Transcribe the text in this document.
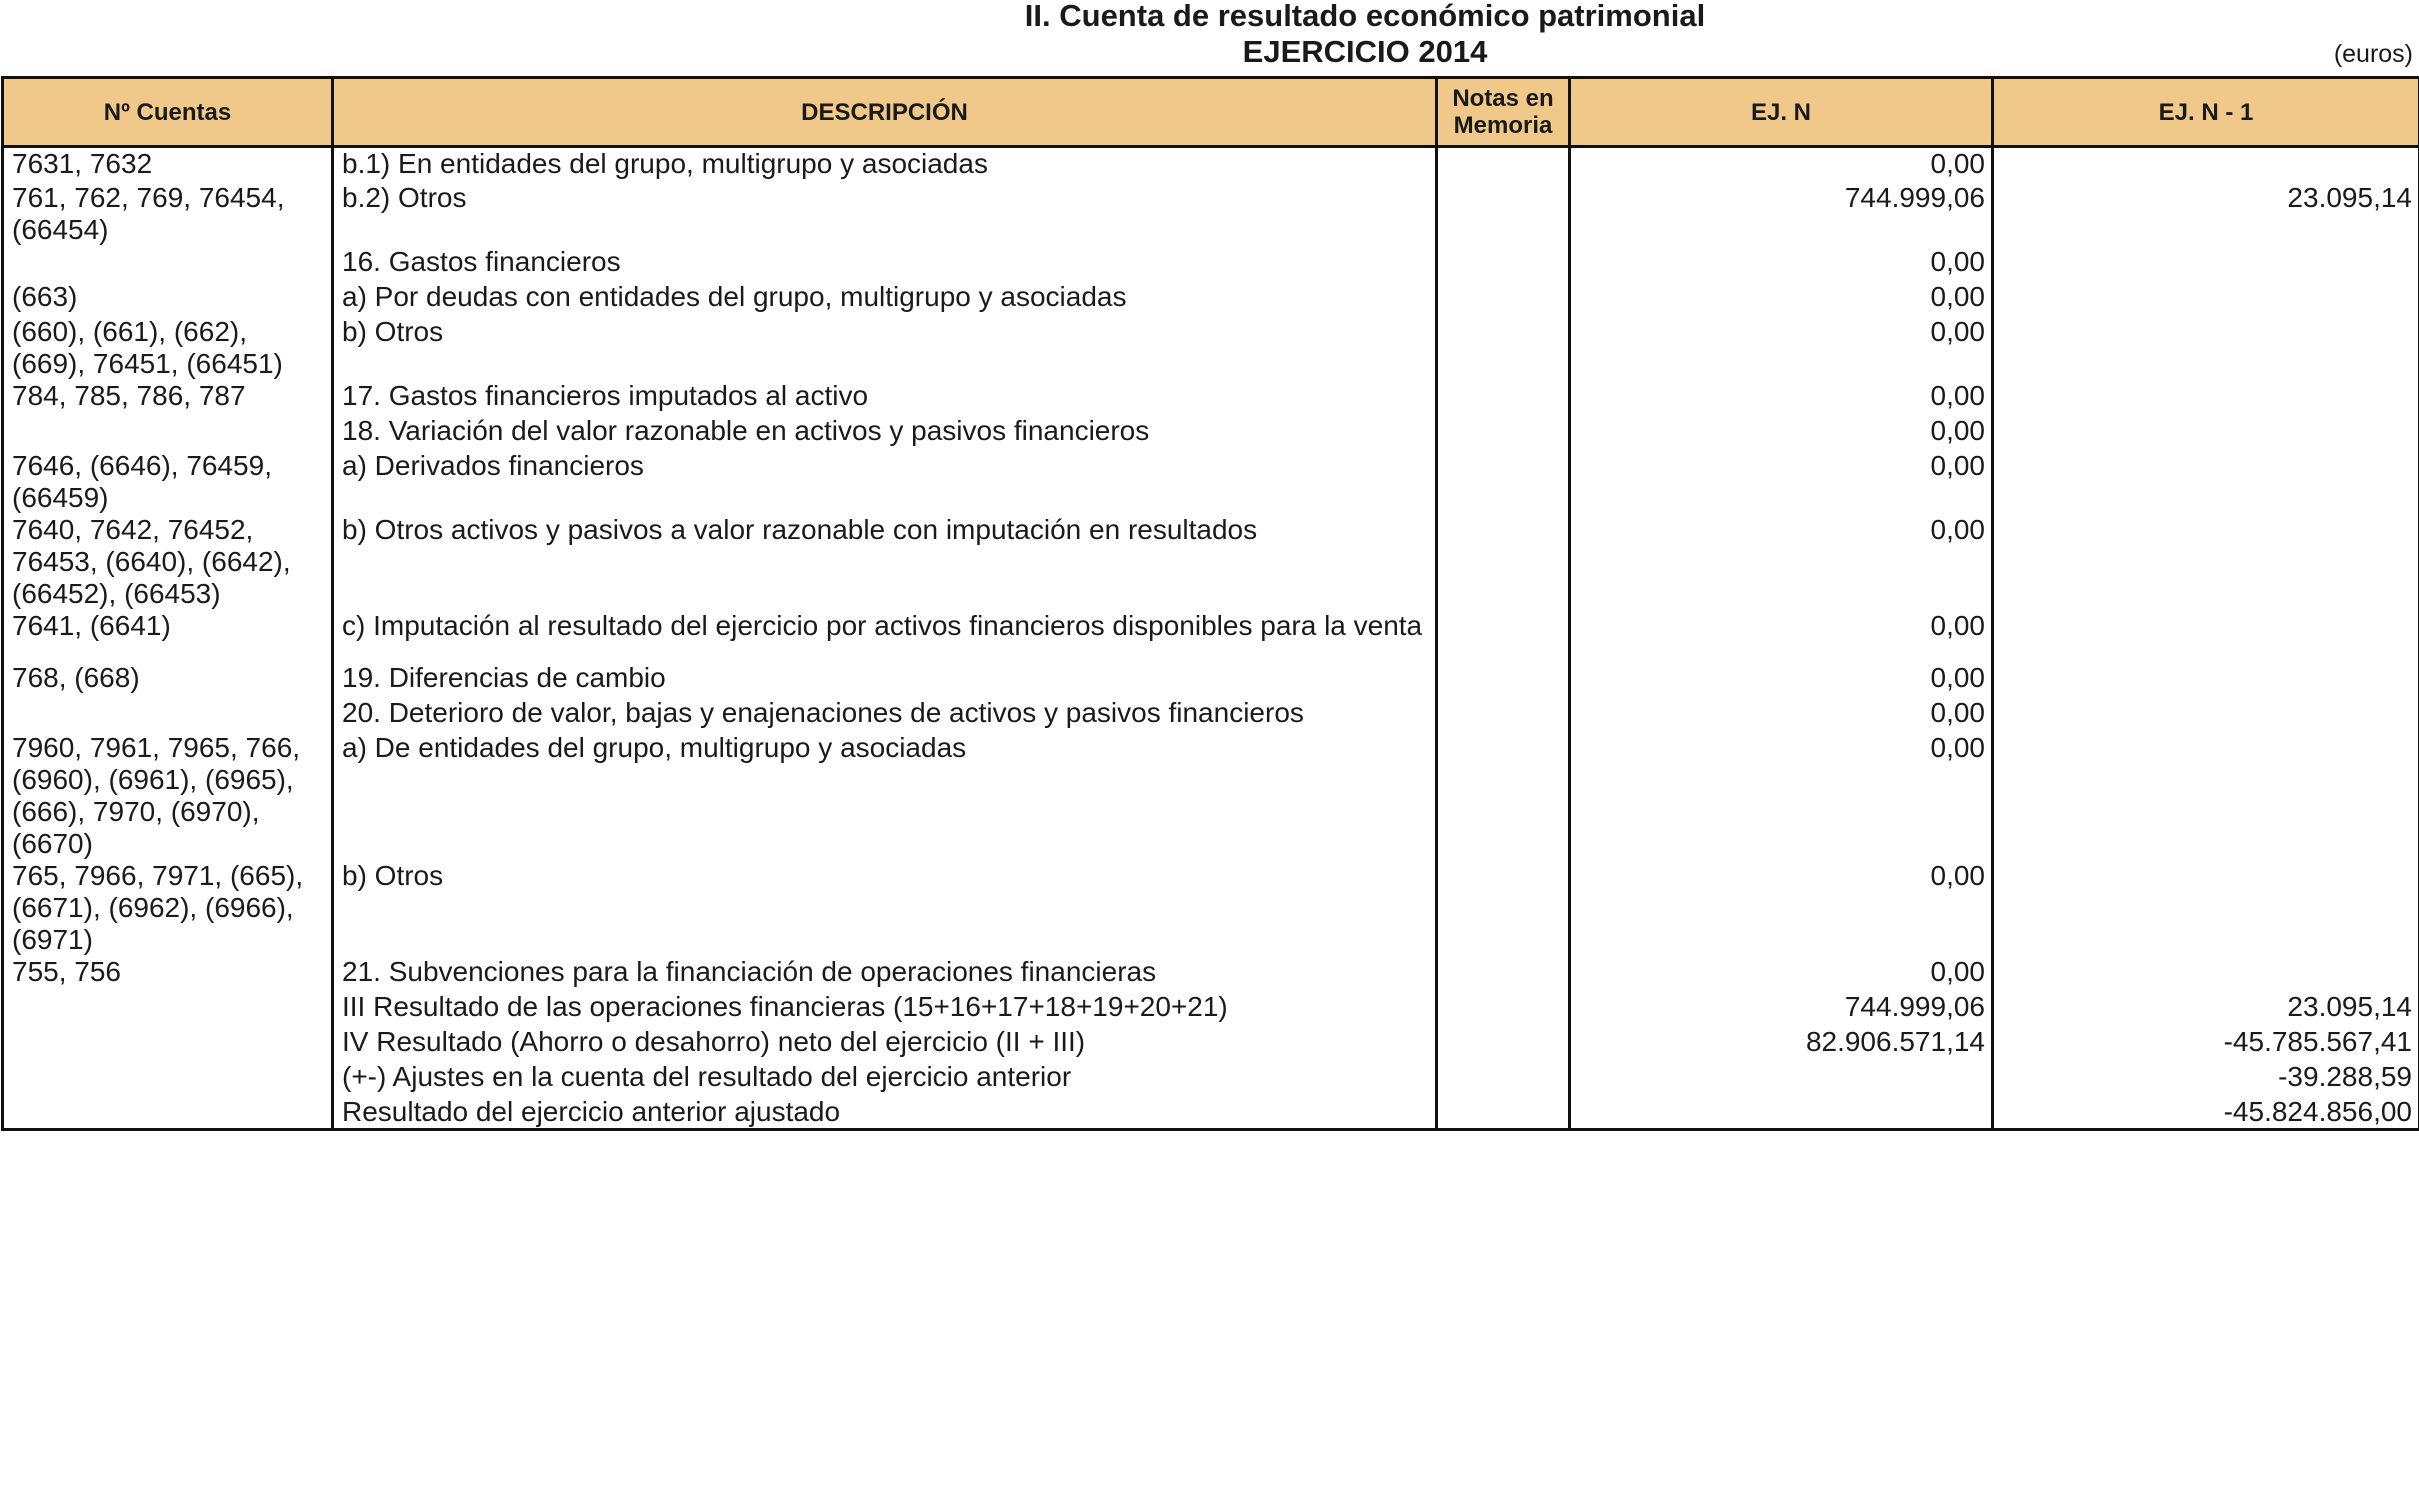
II. Cuenta de resultado económico patrimonial
EJERCICIO 2014	(euros)
Nº Cuentas	DESCRIPCIÓN	Notas en Memoria	EJ. N	EJ. N - 1
7631, 7632	b.1) En entidades del grupo, multigrupo y asociadas		0,00	
761, 762, 769, 76454, (66454)	b.2) Otros		744.999,06	23.095,14
	16. Gastos financieros		0,00	
(663)	a) Por deudas con entidades del grupo, multigrupo y asociadas		0,00	
(660), (661), (662), (669), 76451, (66451)	b) Otros		0,00	
784, 785, 786, 787	17. Gastos financieros imputados al activo		0,00	
	18. Variación del valor razonable en activos y pasivos financieros		0,00	
7646, (6646), 76459, (66459)	a) Derivados financieros		0,00	
7640, 7642, 76452, 76453, (6640), (6642), (66452), (66453)	b) Otros activos y pasivos a valor razonable con imputación en resultados		0,00	
7641, (6641)	c) Imputación al resultado del ejercicio por activos financieros disponibles para la venta		0,00	
768, (668)	19. Diferencias de cambio		0,00	
	20. Deterioro de valor, bajas y enajenaciones de activos y pasivos financieros		0,00	
7960, 7961, 7965, 766, (6960), (6961), (6965), (666), 7970, (6970), (6670)	a) De entidades del grupo, multigrupo y asociadas		0,00	
765, 7966, 7971, (665), (6671), (6962), (6966), (6971)	b) Otros		0,00	
755, 756	21. Subvenciones para la financiación de operaciones financieras		0,00	
	III Resultado de las operaciones financieras (15+16+17+18+19+20+21)		744.999,06	23.095,14
	IV Resultado (Ahorro o desahorro) neto del ejercicio (II + III)		82.906.571,14	-45.785.567,41
	(+-) Ajustes en la cuenta del resultado del ejercicio anterior			-39.288,59
	Resultado del ejercicio anterior ajustado			-45.824.856,00
